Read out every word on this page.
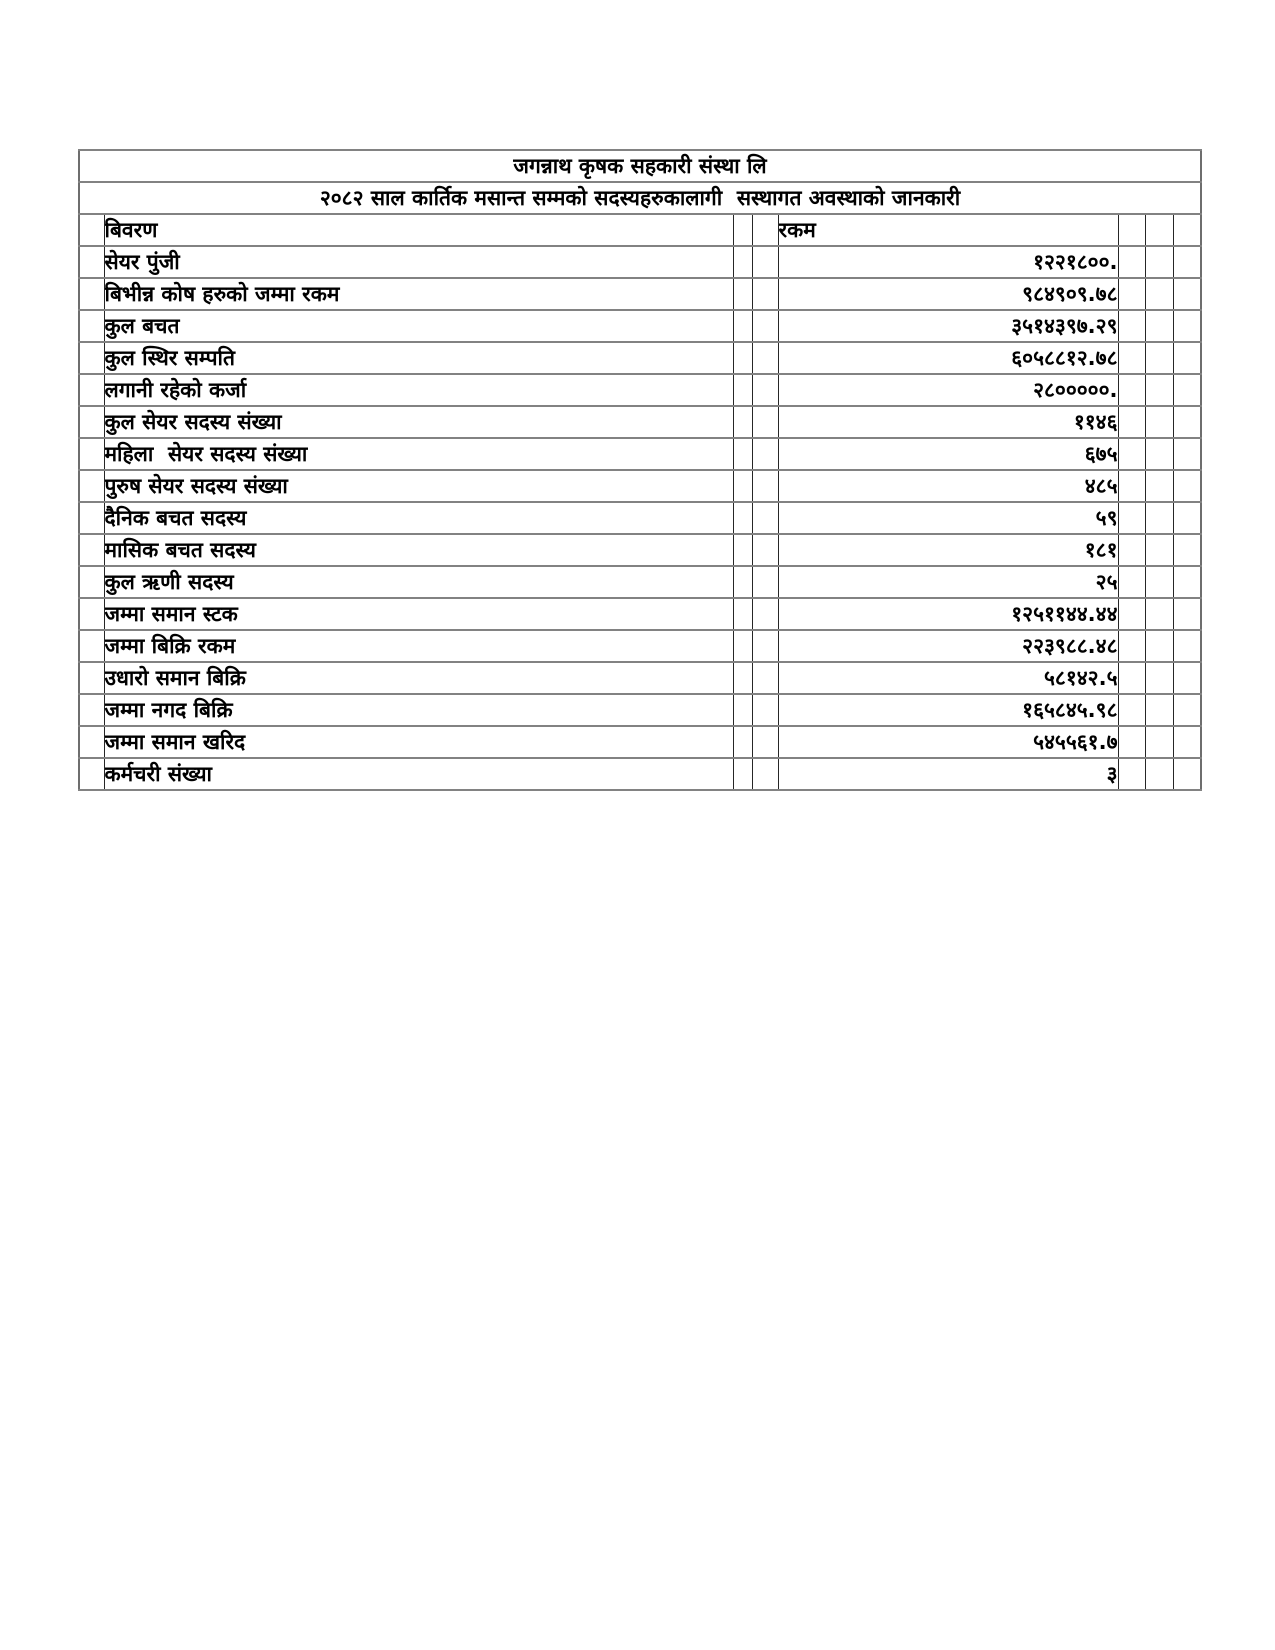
जगन्नाथ कृषक सहकारी संस्था लि							
२०८२ साल कार्तिक मसान्त सम्मको सदस्यहरुकालागी  सस्थागत अवस्थाको जानकारी							
	बिवरण			रकम			
	सेयर पुंजी			१२२१८००.			
	बिभीन्न कोष हरुको जम्मा रकम			९८४९०९.७८			
	कुल बचत			३५१४३९७.२९			
	कुल स्थिर सम्पति			६०५८८१२.७८			
	लगानी रहेको कर्जा			२८०००००.			
	कुल सेयर सदस्य संख्या			११४६			
	महिला  सेयर सदस्य संख्या			६७५			
	पुरुष सेयर सदस्य संख्या			४८५			
	दैनिक बचत सदस्य			५९			
	मासिक बचत सदस्य			१८१			
	कुल ऋणी सदस्य			२५			
	जम्मा समान स्टक			१२५११४४.४४			
	जम्मा बिक्रि रकम			२२३९८८.४८			
	उधारो समान बिक्रि			५८१४२.५			
	जम्मा नगद बिक्रि			१६५८४५.९८			
	जम्मा समान खरिद			५४५५६१.७			
	कर्मचरी संख्या			३			
